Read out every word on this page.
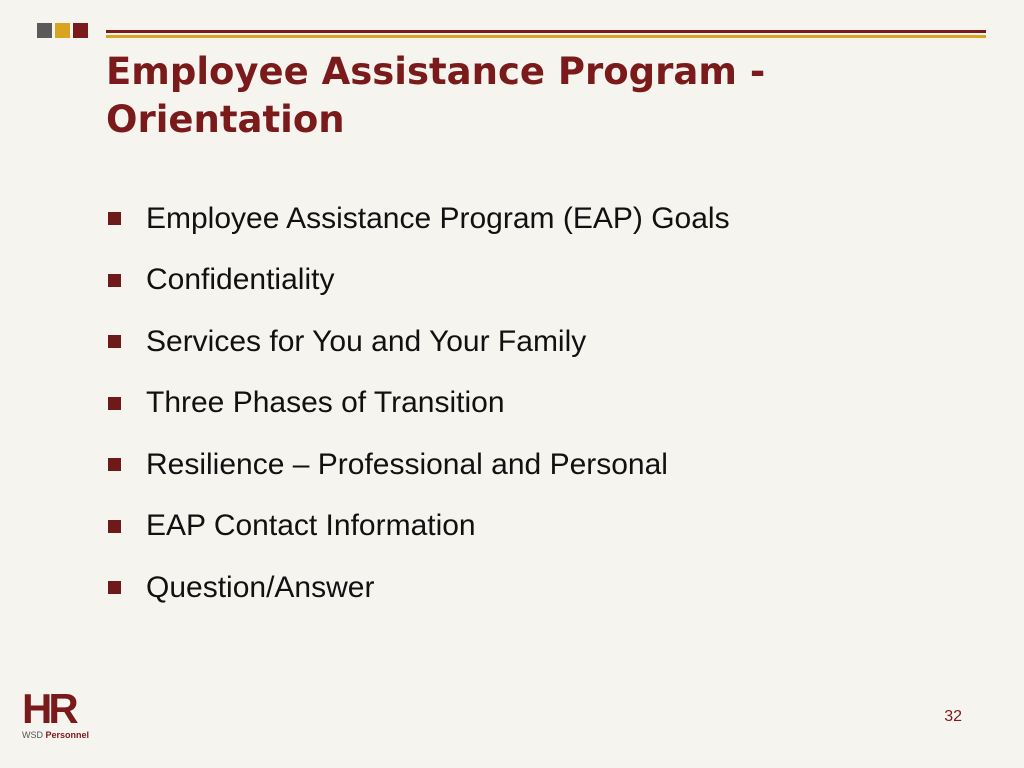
Employee Assistance Program - Orientation
Employee Assistance Program (EAP) Goals
Confidentiality
Services for You and Your Family
Three Phases of Transition
Resilience – Professional and Personal
EAP Contact Information
Question/Answer
HR
WSD Personnel
32
